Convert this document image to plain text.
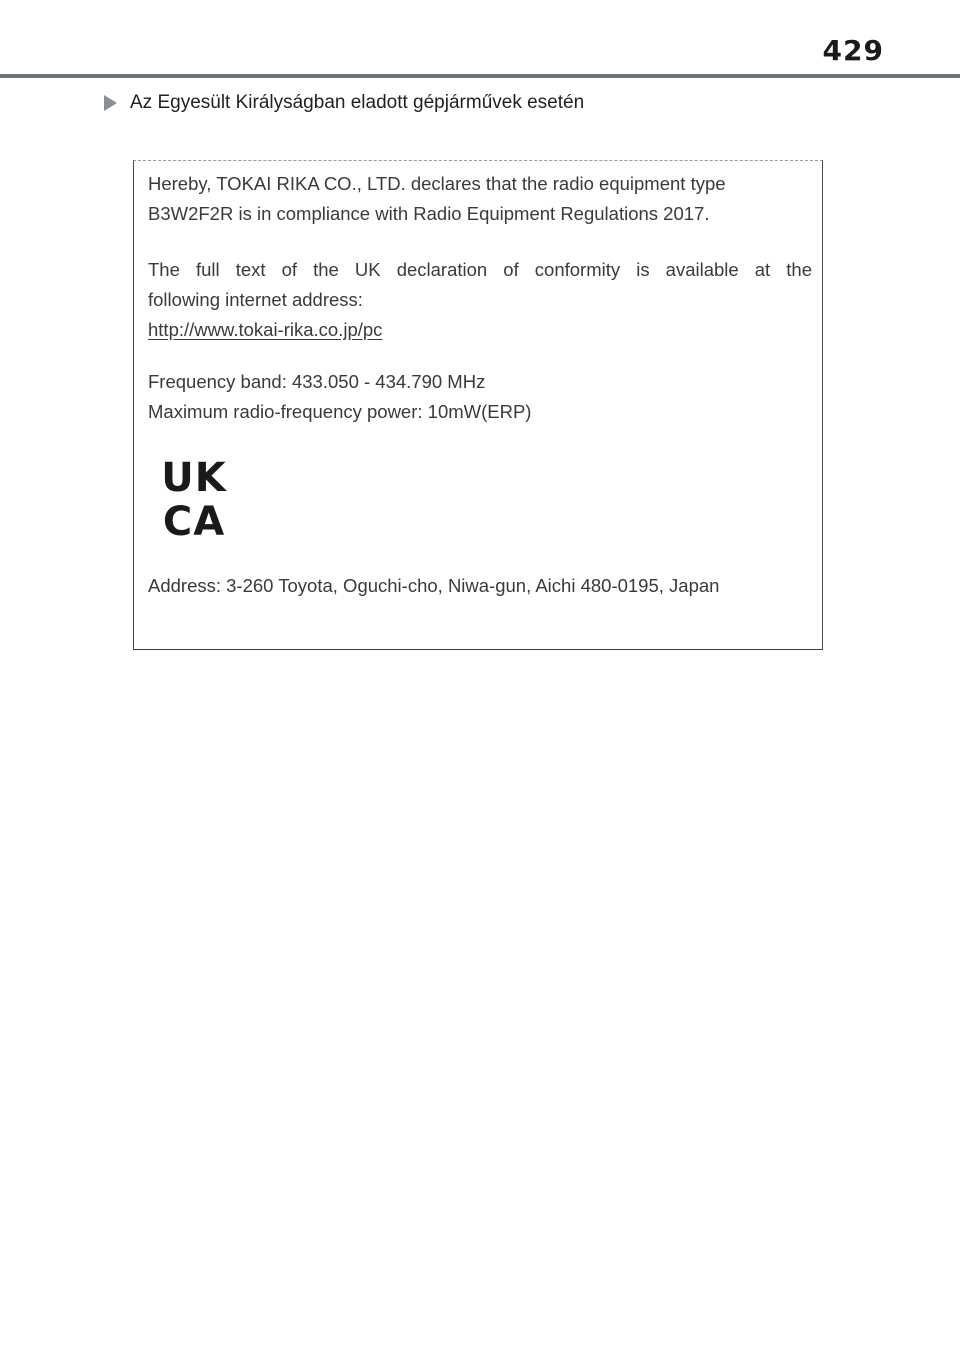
429
Az Egyesült Királyságban eladott gépjárművek esetén
Hereby, TOKAI RIKA CO., LTD. declares that the radio equipment type
B3W2F2R is in compliance with Radio Equipment Regulations 2017.
The full text of the UK declaration of conformity is available at the
following internet address:
http://www.tokai-rika.co.jp/pc
Frequency band: 433.050 - 434.790 MHz
Maximum radio-frequency power: 10mW(ERP)
UK
CA
Address: 3-260 Toyota, Oguchi-cho, Niwa-gun, Aichi 480-0195, Japan
